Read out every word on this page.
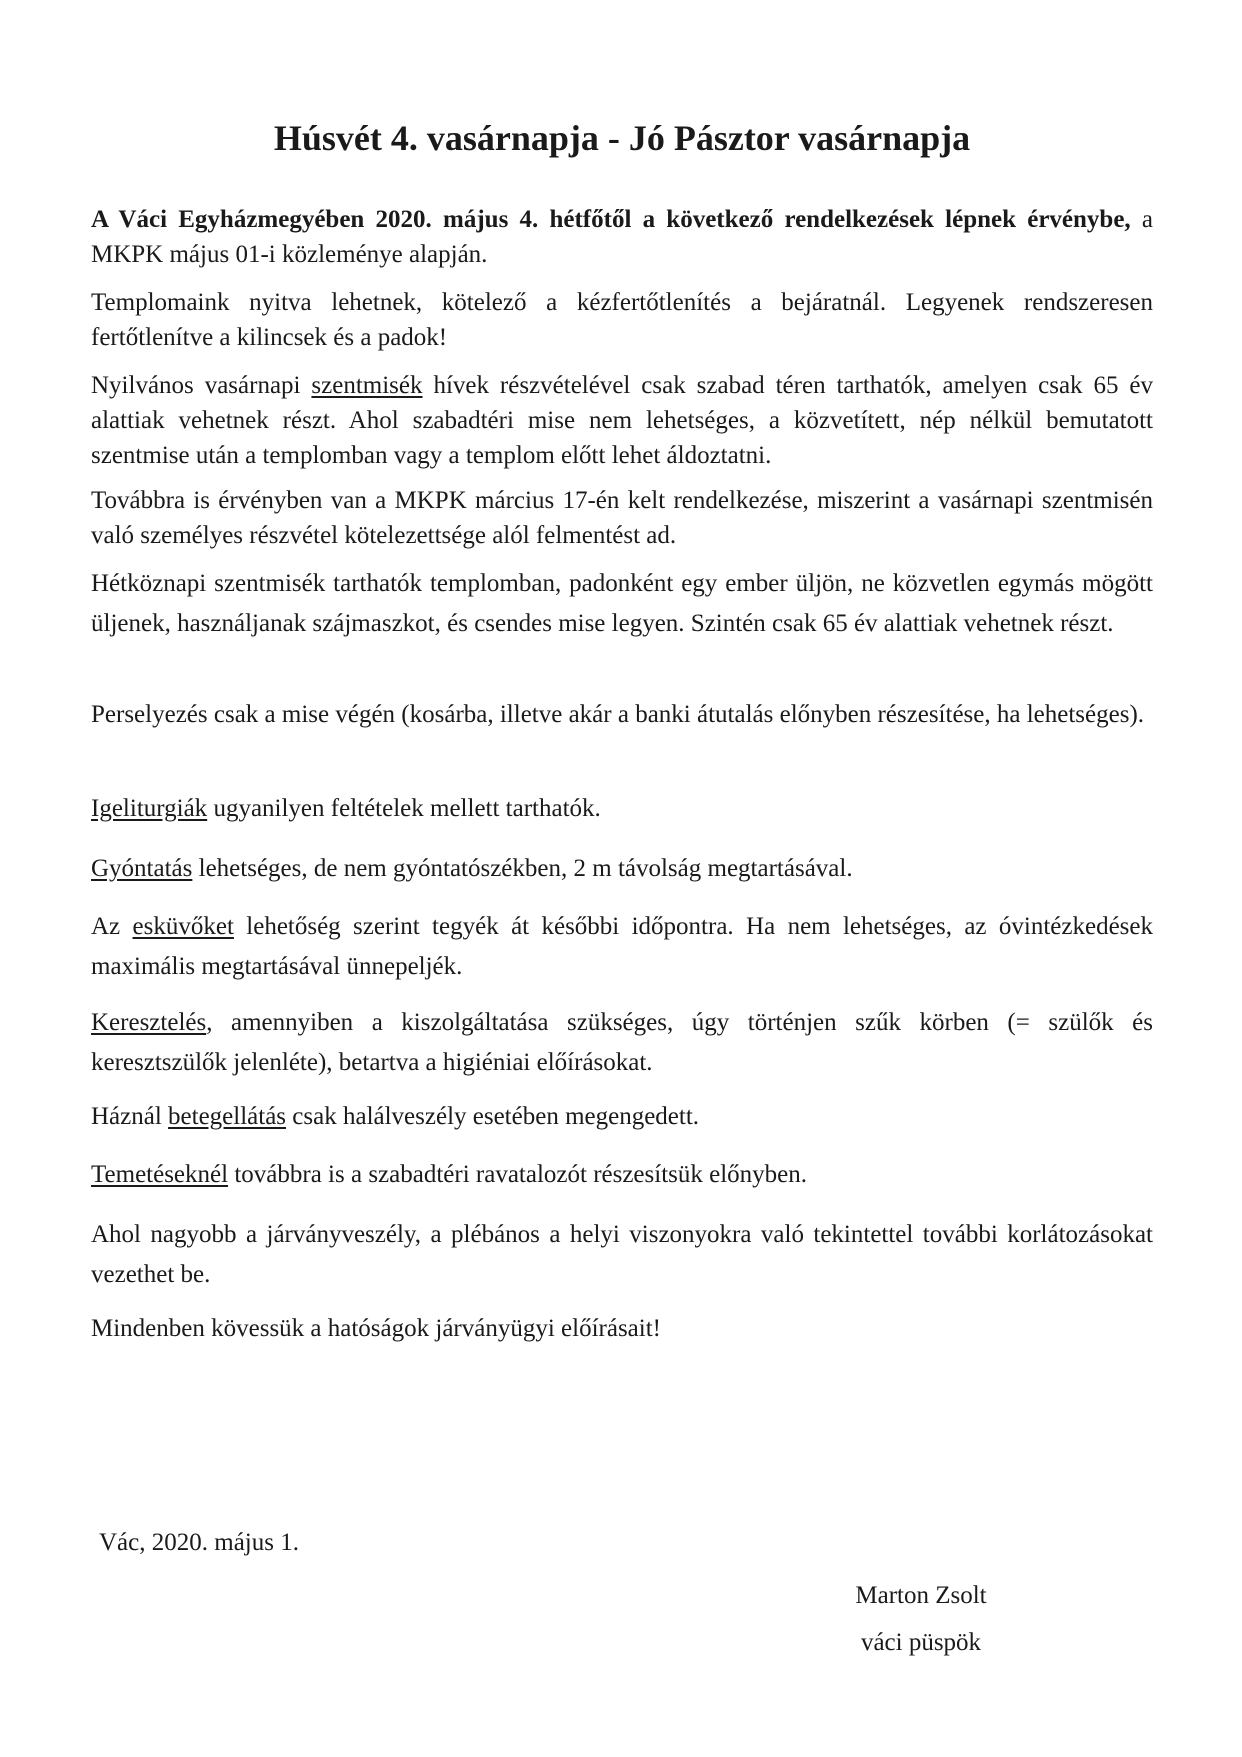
Húsvét 4. vasárnapja - Jó Pásztor vasárnapja

A Váci Egyházmegyében 2020. május 4. hétfőtől a következő rendelkezések lépnek érvénybe, a MKPK május 01-i közleménye alapján.

Templomaink nyitva lehetnek, kötelező a kézfertőtlenítés a bejáratnál. Legyenek rendszeresen fertőtlenítve a kilincsek és a padok!

Nyilvános vasárnapi szentmisék hívek részvételével csak szabad téren tarthatók, amelyen csak 65 év alattiak vehetnek részt. Ahol szabadtéri mise nem lehetséges, a közvetített, nép nélkül bemutatott szentmise után a templomban vagy a templom előtt lehet áldoztatni.

Továbbra is érvényben van a MKPK március 17-én kelt rendelkezése, miszerint a vasárnapi szentmisén való személyes részvétel kötelezettsége alól felmentést ad.

Hétköznapi szentmisék tarthatók templomban, padonként egy ember üljön, ne közvetlen egymás mögött üljenek, használjanak szájmaszkot, és csendes mise legyen. Szintén csak 65 év alattiak vehetnek részt.

Perselyezés csak a mise végén (kosárba, illetve akár a banki átutalás előnyben részesítése, ha lehetséges).

Igeliturgiák ugyanilyen feltételek mellett tarthatók.

Gyóntatás lehetséges, de nem gyóntatószékben, 2 m távolság megtartásával.

Az esküvőket lehetőség szerint tegyék át későbbi időpontra. Ha nem lehetséges, az óvintézkedések maximális megtartásával ünnepeljék.

Keresztelés, amennyiben a kiszolgáltatása szükséges, úgy történjen szűk körben (= szülők és keresztszülők jelenléte), betartva a higiéniai előírásokat.

Háznál betegellátás csak halálveszély esetében megengedett.

Temetéseknél továbbra is a szabadtéri ravatalozót részesítsük előnyben.

Ahol nagyobb a járványveszély, a plébános a helyi viszonyokra való tekintettel további korlátozásokat vezethet be.

Mindenben kövessük a hatóságok járványügyi előírásait!

Vác, 2020. május 1.

Marton Zsolt
váci püspök
